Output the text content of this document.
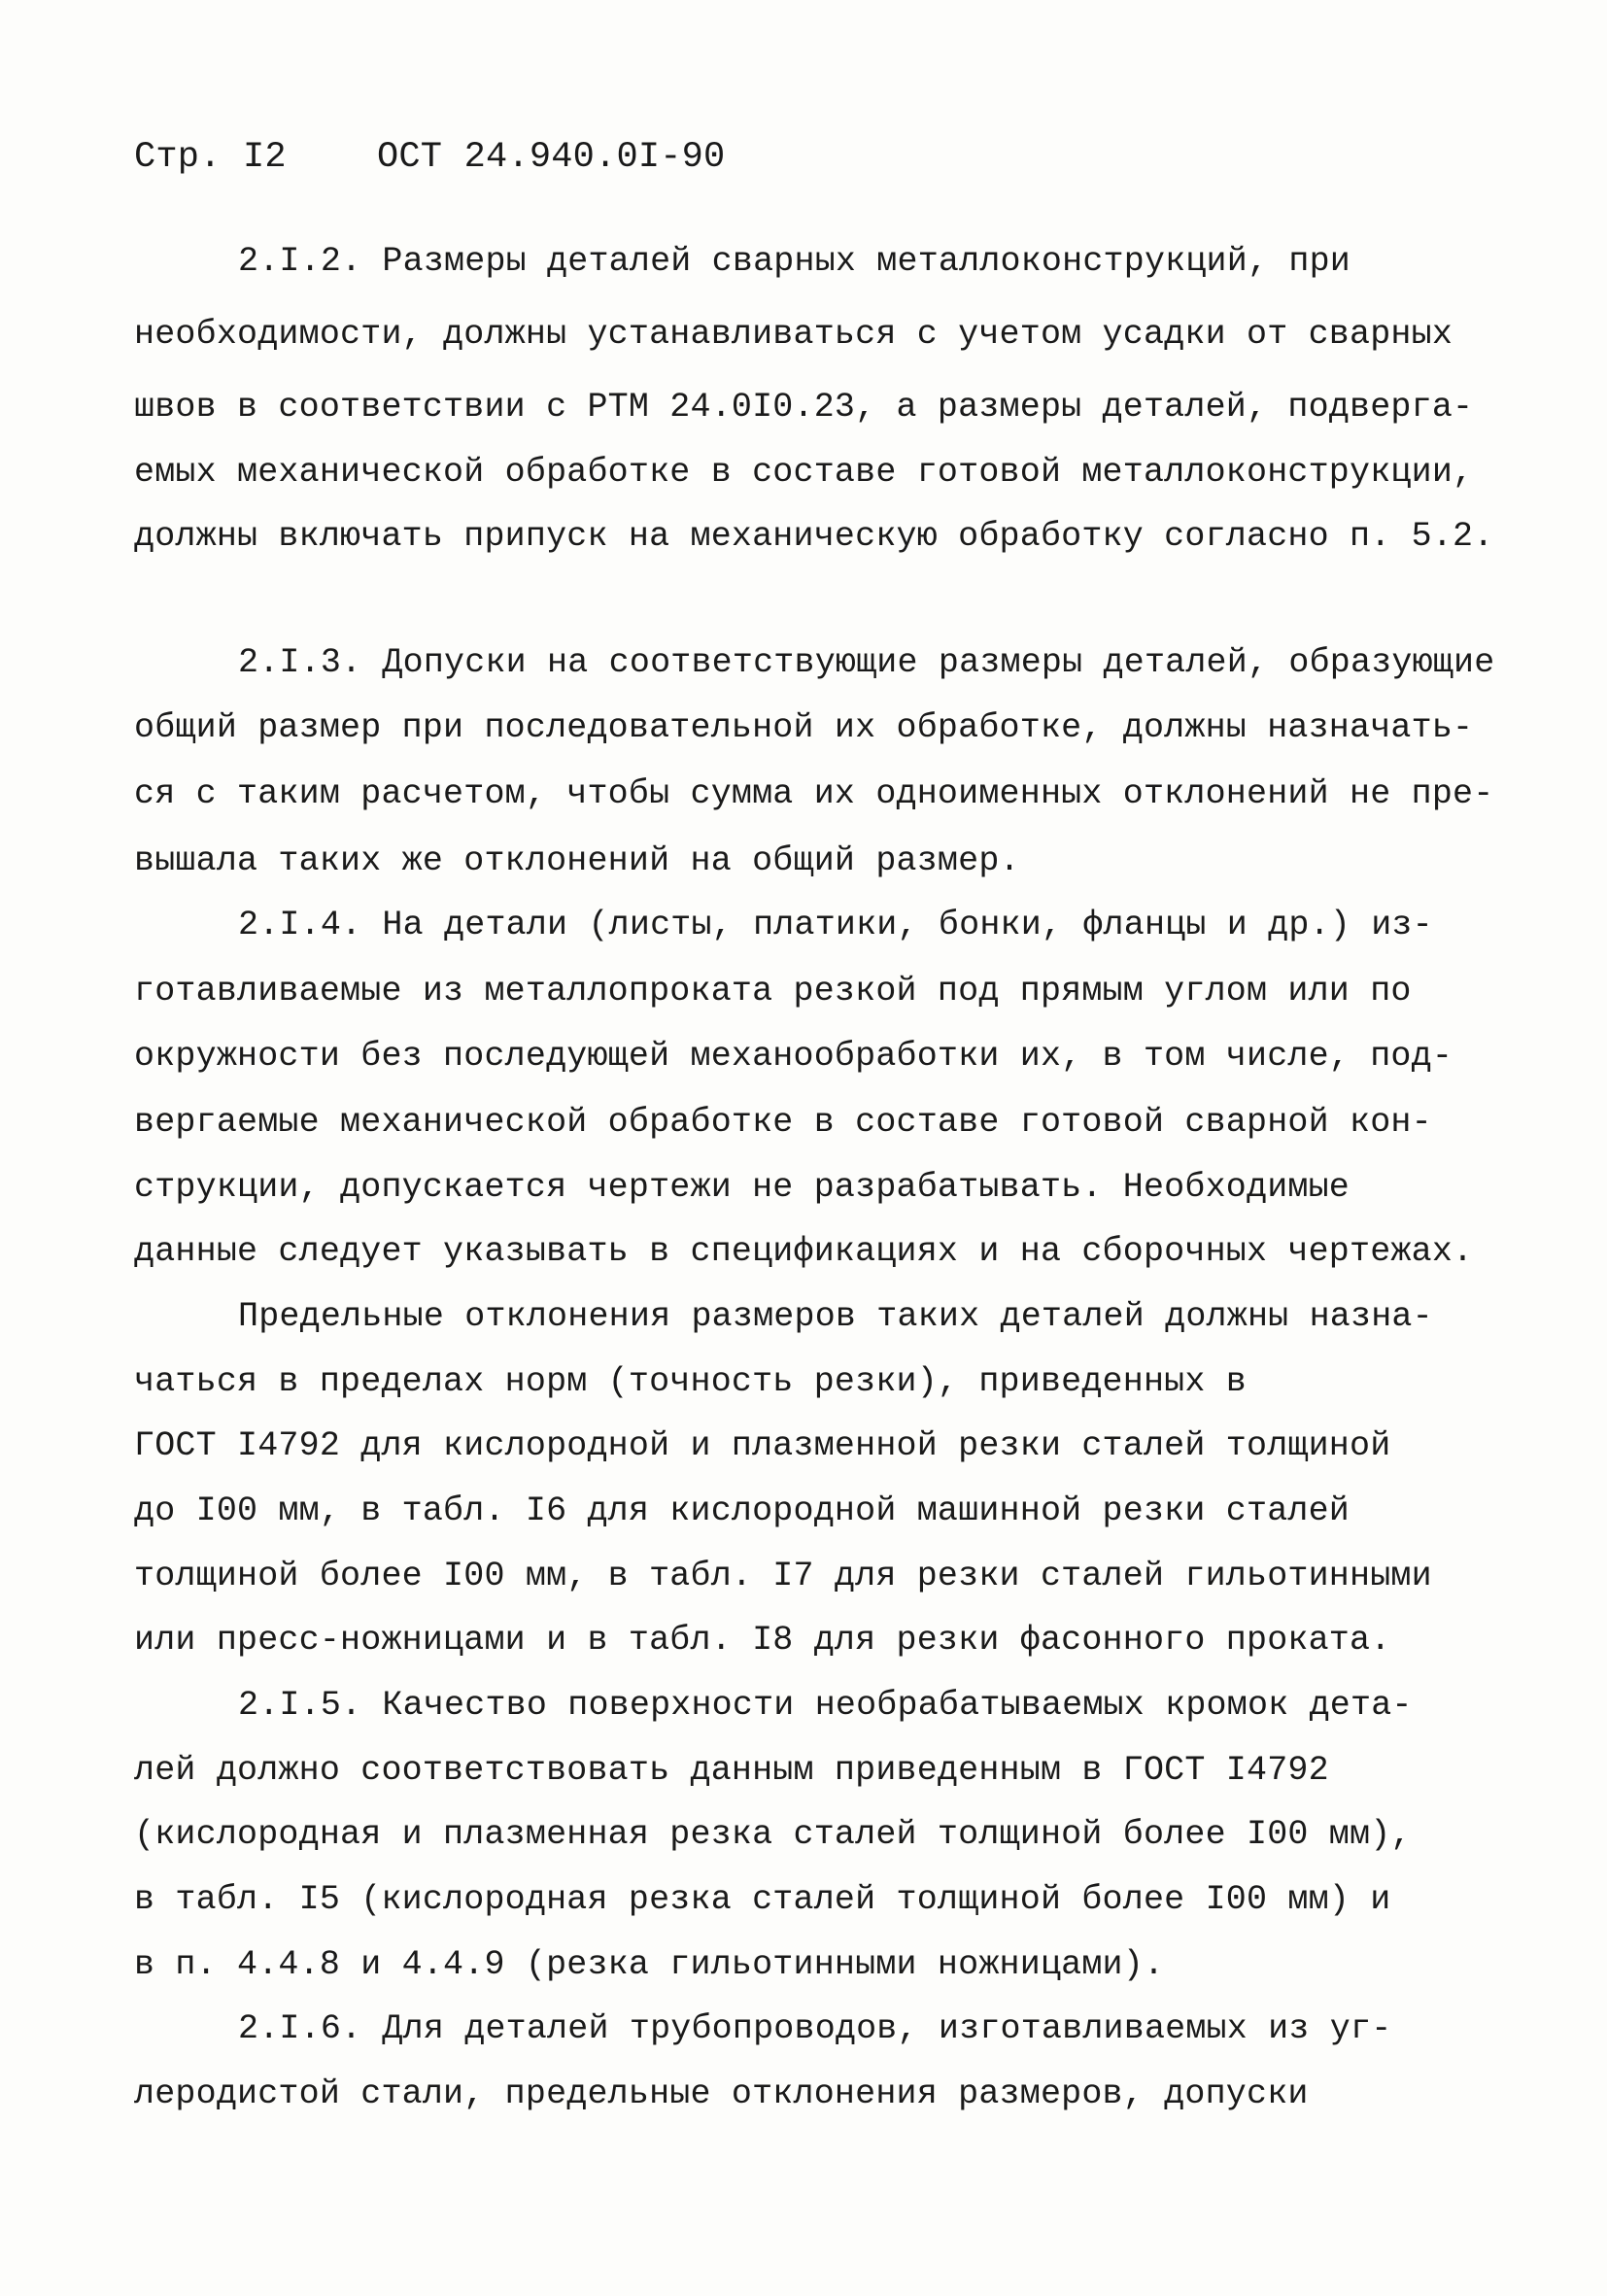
Стр. I2	ОСТ 24.940.0I-90
2.I.2. Размеры деталей сварных металлоконструкций, при
необходимости, должны устанавливаться с учетом усадки от сварных
швов в соответствии с РТМ 24.0I0.23, а размеры деталей, подверга-
емых механической обработке в составе готовой металлоконструкции,
должны включать припуск на механическую обработку согласно п. 5.2.
2.I.3. Допуски на соответствующие размеры деталей, образующие
общий размер при последовательной их обработке, должны назначать-
ся с таким расчетом, чтобы сумма их одноименных отклонений не пре-
вышала таких же отклонений на общий размер.
2.I.4. На детали (листы, платики, бонки, фланцы и др.) из-
готавливаемые из металлопроката резкой под прямым углом или по
окружности без последующей механообработки их, в том числе, под-
вергаемые механической обработке в составе готовой сварной кон-
струкции, допускается чертежи не разрабатывать. Необходимые
данные следует указывать в спецификациях и на сборочных чертежах.
Предельные отклонения размеров таких деталей должны назна-
чаться в пределах норм (точность резки), приведенных в
ГОСТ I4792 для кислородной и плазменной резки сталей толщиной
до I00 мм, в табл. I6 для кислородной машинной резки сталей
толщиной более I00 мм, в табл. I7 для резки сталей гильотинными
или пресс-ножницами и в табл. I8 для резки фасонного проката.
2.I.5. Качество поверхности необрабатываемых кромок дета-
лей должно соответствовать данным приведенным в ГОСТ I4792
(кислородная и плазменная резка сталей толщиной более I00 мм),
в табл. I5 (кислородная резка сталей толщиной более I00 мм) и
в п. 4.4.8 и 4.4.9 (резка гильотинными ножницами).
2.I.6. Для деталей трубопроводов, изготавливаемых из уг-
леродистой стали, предельные отклонения размеров, допуски
